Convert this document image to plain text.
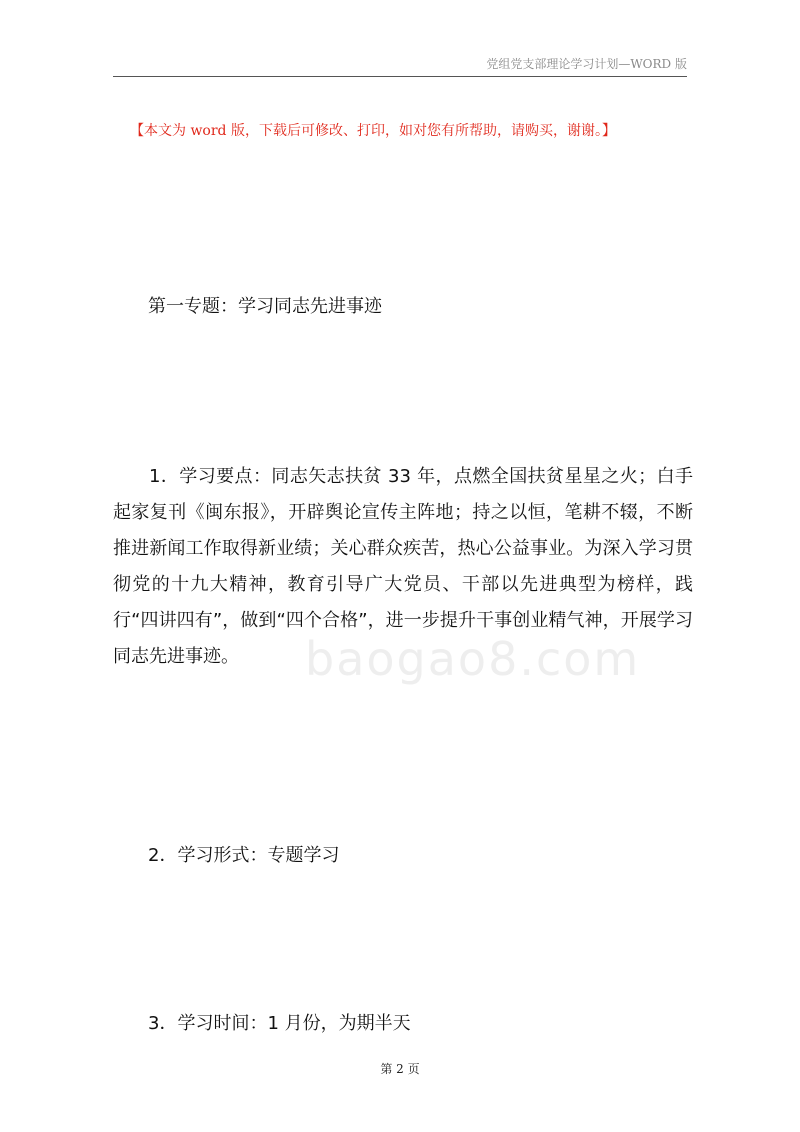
党组党支部理论学习计划—WORD 版
【本文为 word 版，下载后可修改、打印，如对您有所帮助，请购买，谢谢。】
第一专题：学习同志先进事迹
baogao8.com
1．学习要点：同志矢志扶贫 33 年，点燃全国扶贫星星之火；白手起家复刊《闽东报》，开辟舆论宣传主阵地；持之以恒，笔耕不辍，不断推进新闻工作取得新业绩；关心群众疾苦，热心公益事业。为深入学习贯彻党的十九大精神，教育引导广大党员、干部以先进典型为榜样，践行“四讲四有”，做到“四个合格”，进一步提升干事创业精气神，开展学习同志先进事迹。
2．学习形式：专题学习
3．学习时间：1 月份，为期半天
第 2 页
